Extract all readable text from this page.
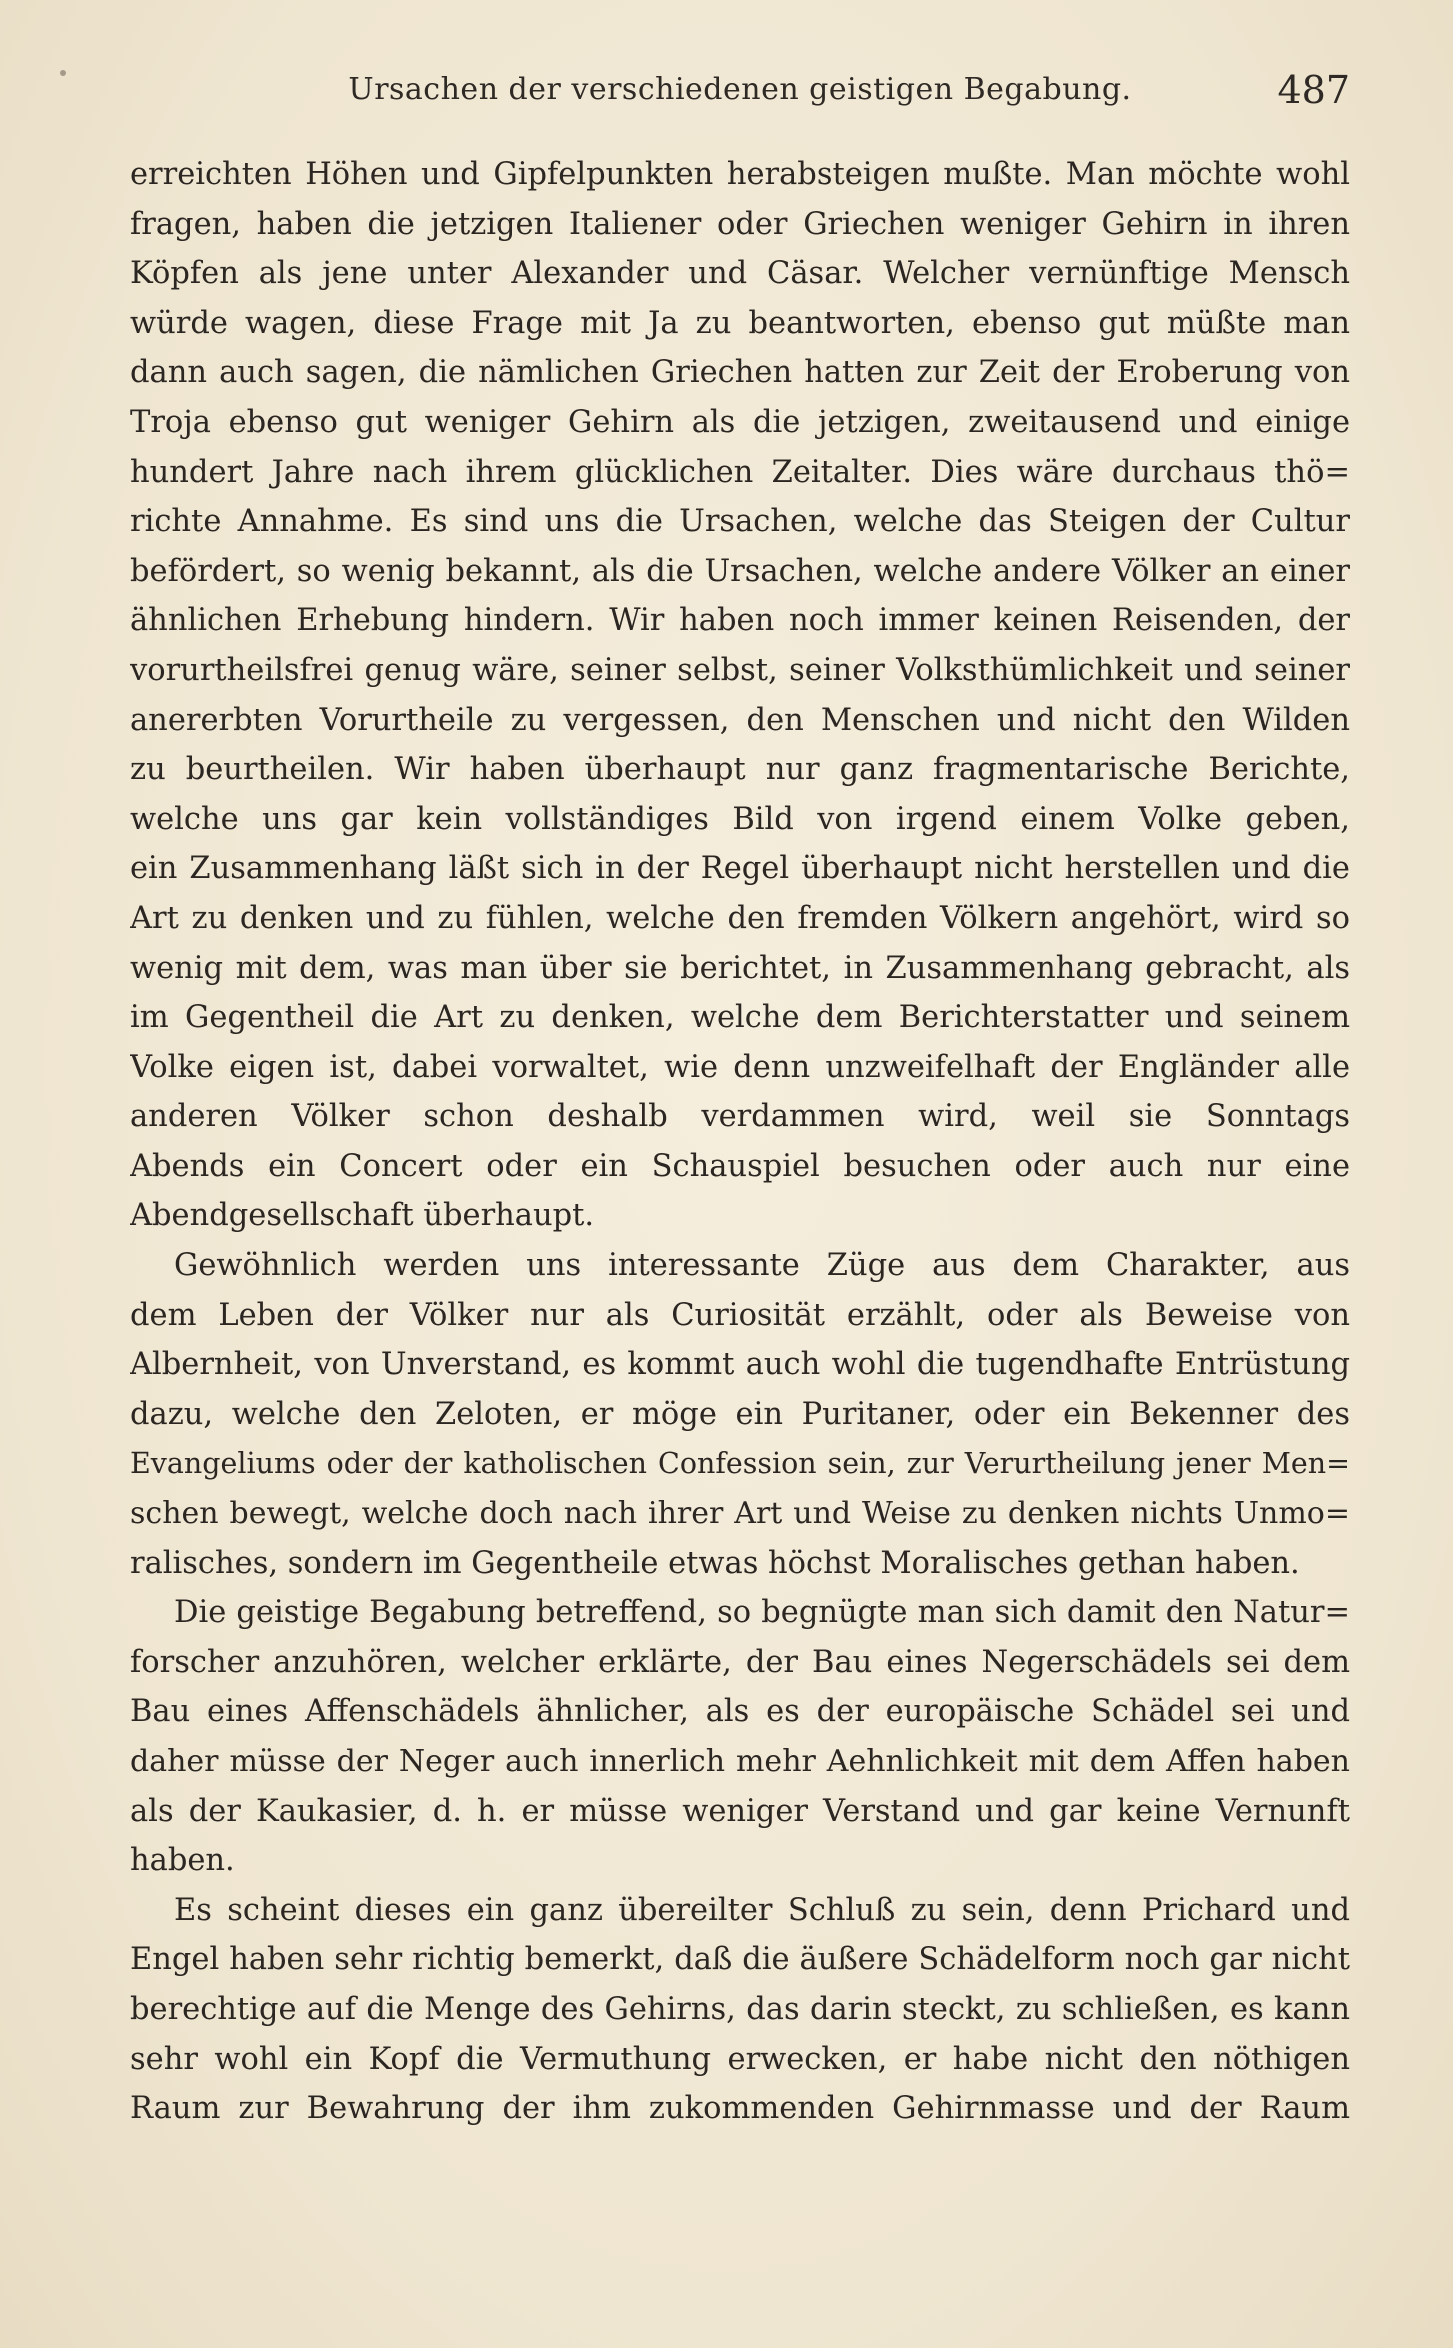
Ursachen der verschiedenen geistigen Begabung.	487
erreichten Höhen und Gipfelpunkten herabsteigen mußte. Man möchte wohl
fragen, haben die jetzigen Italiener oder Griechen weniger Gehirn in ihren
Köpfen als jene unter Alexander und Cäsar. Welcher vernünftige Mensch
würde wagen, diese Frage mit Ja zu beantworten, ebenso gut müßte man
dann auch sagen, die nämlichen Griechen hatten zur Zeit der Eroberung von
Troja ebenso gut weniger Gehirn als die jetzigen, zweitausend und einige
hundert Jahre nach ihrem glücklichen Zeitalter. Dies wäre durchaus thö=
richte Annahme. Es sind uns die Ursachen, welche das Steigen der Cultur
befördert, so wenig bekannt, als die Ursachen, welche andere Völker an einer
ähnlichen Erhebung hindern. Wir haben noch immer keinen Reisenden, der
vorurtheilsfrei genug wäre, seiner selbst, seiner Volksthümlichkeit und seiner
anererbten Vorurtheile zu vergessen, den Menschen und nicht den Wilden
zu beurtheilen. Wir haben überhaupt nur ganz fragmentarische Berichte,
welche uns gar kein vollständiges Bild von irgend einem Volke geben,
ein Zusammenhang läßt sich in der Regel überhaupt nicht herstellen und die
Art zu denken und zu fühlen, welche den fremden Völkern angehört, wird so
wenig mit dem, was man über sie berichtet, in Zusammenhang gebracht, als
im Gegentheil die Art zu denken, welche dem Berichterstatter und seinem
Volke eigen ist, dabei vorwaltet, wie denn unzweifelhaft der Engländer alle
anderen Völker schon deshalb verdammen wird, weil sie Sonntags
Abends ein Concert oder ein Schauspiel besuchen oder auch nur eine
Abendgesellschaft überhaupt.
Gewöhnlich werden uns interessante Züge aus dem Charakter, aus
dem Leben der Völker nur als Curiosität erzählt, oder als Beweise von
Albernheit, von Unverstand, es kommt auch wohl die tugendhafte Entrüstung
dazu, welche den Zeloten, er möge ein Puritaner, oder ein Bekenner des
Evangeliums oder der katholischen Confession sein, zur Verurtheilung jener Men=
schen bewegt, welche doch nach ihrer Art und Weise zu denken nichts Unmo=
ralisches, sondern im Gegentheile etwas höchst Moralisches gethan haben.
Die geistige Begabung betreffend, so begnügte man sich damit den Natur=
forscher anzuhören, welcher erklärte, der Bau eines Negerschädels sei dem
Bau eines Affenschädels ähnlicher, als es der europäische Schädel sei und
daher müsse der Neger auch innerlich mehr Aehnlichkeit mit dem Affen haben
als der Kaukasier, d. h. er müsse weniger Verstand und gar keine Vernunft
haben.
Es scheint dieses ein ganz übereilter Schluß zu sein, denn Prichard und
Engel haben sehr richtig bemerkt, daß die äußere Schädelform noch gar nicht
berechtige auf die Menge des Gehirns, das darin steckt, zu schließen, es kann
sehr wohl ein Kopf die Vermuthung erwecken, er habe nicht den nöthigen
Raum zur Bewahrung der ihm zukommenden Gehirnmasse und der Raum
